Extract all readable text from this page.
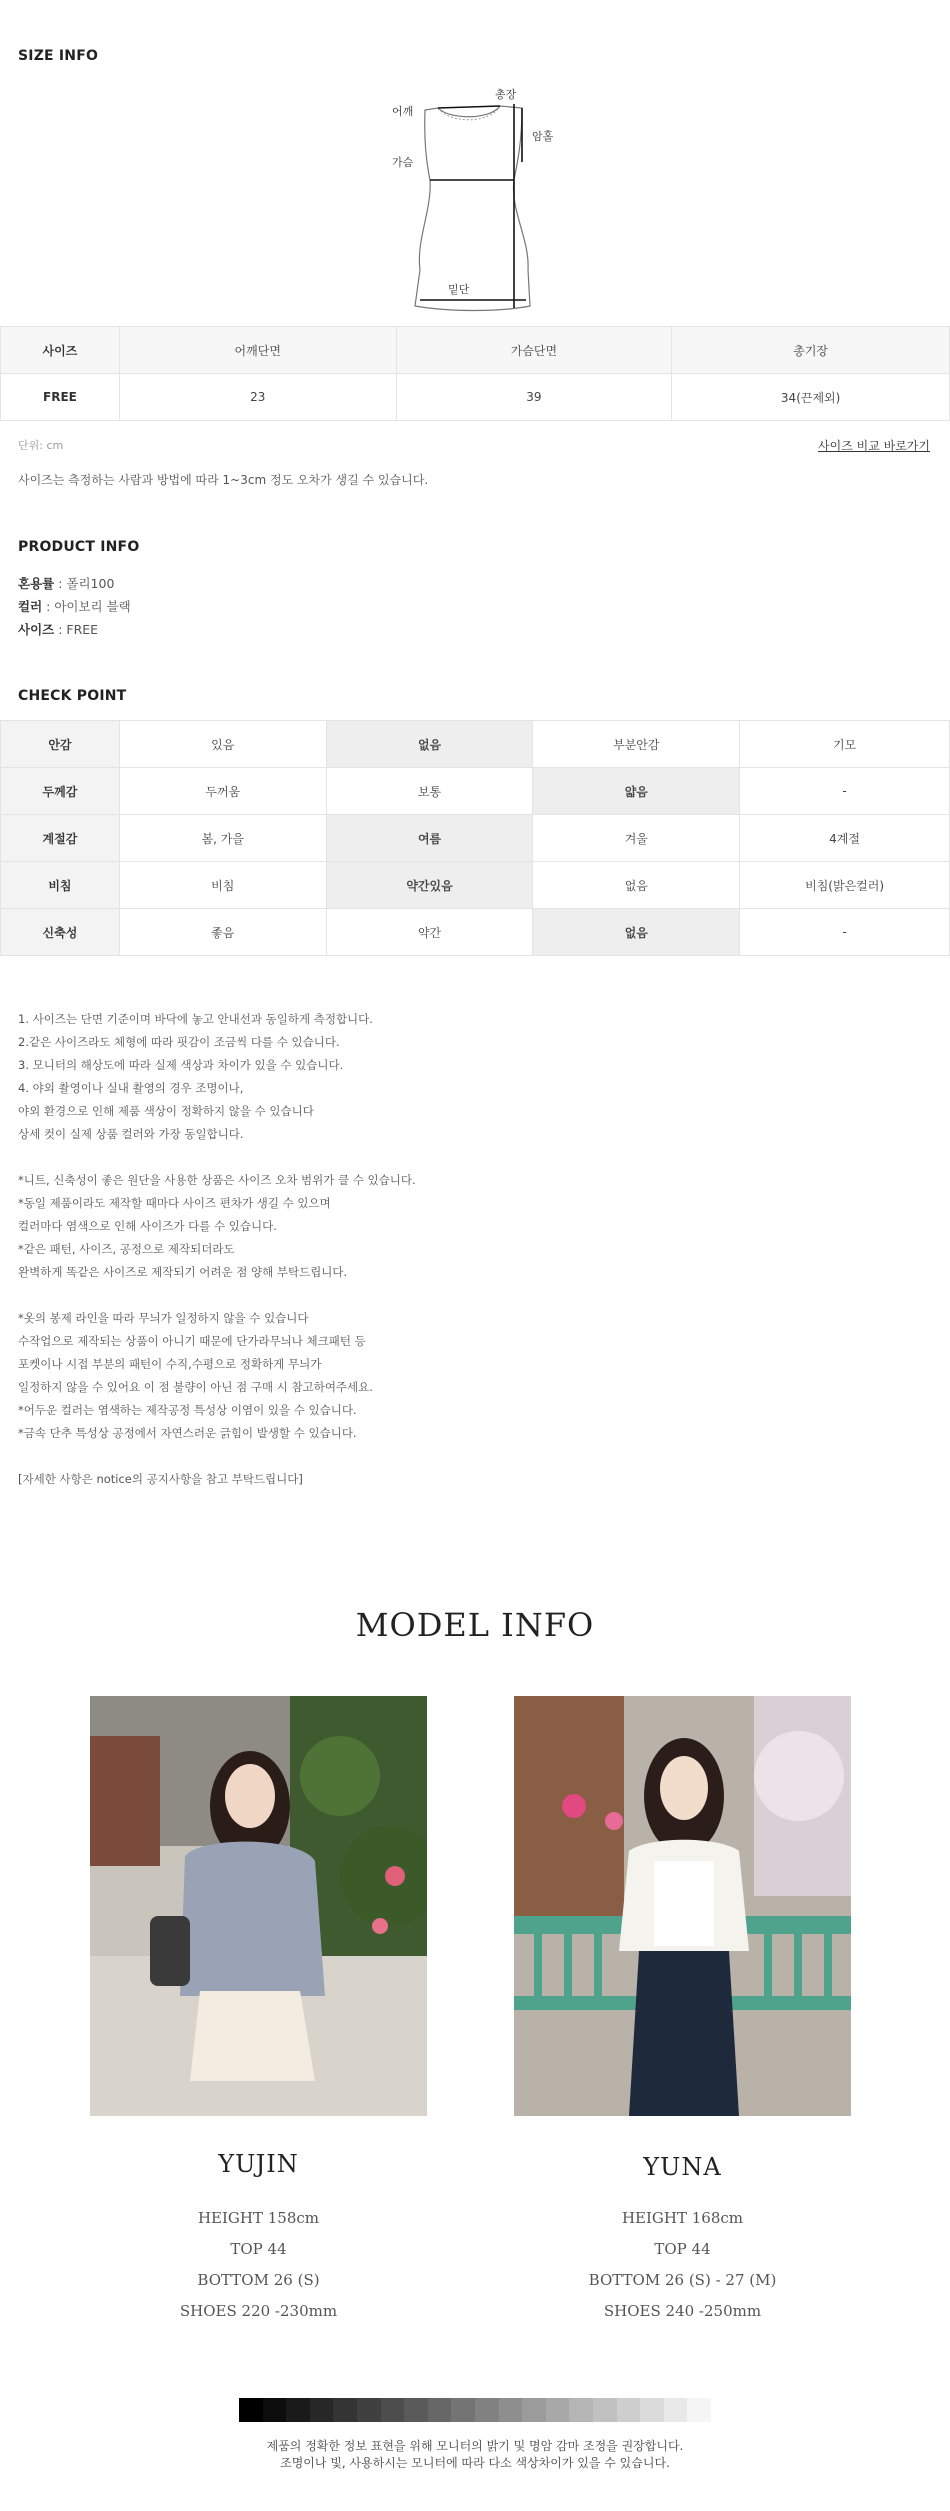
SIZE INFO
어깨
총장
암홀
가슴
밑단
사이즈	어깨단면	가슴단면	총기장
FREE	23	39	34(끈제외)
단위: cm	사이즈 비교 바로가기
사이즈는 측정하는 사람과 방법에 따라 1~3cm 정도 오차가 생길 수 있습니다.
PRODUCT INFO
혼용률 : 폴리100
컬러 : 아이보리 블랙
사이즈 : FREE
CHECK POINT
안감	있음	없음	부분안감	기모
두께감	두꺼움	보통	얇음	-
계절감	봄, 가을	여름	겨울	4계절
비침	비침	약간있음	없음	비침(밝은컬러)
신축성	좋음	약간	없음	-
1. 사이즈는 단면 기준이며 바닥에 놓고 안내선과 동일하게 측정합니다.
2.같은 사이즈라도 체형에 따라 핏감이 조금씩 다를 수 있습니다.
3. 모니터의 해상도에 따라 실제 색상과 차이가 있을 수 있습니다.
4. 야외 촬영이나 실내 촬영의 경우 조명이나,
야외 환경으로 인해 제품 색상이 정확하지 않을 수 있습니다
상세 컷이 실제 상품 컬러와 가장 동일합니다.
*니트, 신축성이 좋은 원단을 사용한 상품은 사이즈 오차 범위가 클 수 있습니다.
*동일 제품이라도 제작할 때마다 사이즈 편차가 생길 수 있으며
컬러마다 염색으로 인해 사이즈가 다를 수 있습니다.
*같은 패턴, 사이즈, 공정으로 제작되더라도
완벽하게 똑같은 사이즈로 제작되기 어려운 점 양해 부탁드립니다.
*옷의 봉제 라인을 따라 무늬가 일정하지 않을 수 있습니다
수작업으로 제작되는 상품이 아니기 때문에 단가라무늬나 체크패턴 등
포켓이나 시접 부분의 패턴이 수직,수평으로 정확하게 무늬가
일정하지 않을 수 있어요 이 점 불량이 아닌 점 구매 시 참고하여주세요.
*어두운 컬러는 염색하는 제작공정 특성상 이염이 있을 수 있습니다.
*금속 단추 특성상 공정에서 자연스러운 긁힘이 발생할 수 있습니다.
[자세한 사항은 notice의 공지사항을 참고 부탁드립니다]
MODEL INFO
YUJIN
HEIGHT 158cm
TOP 44
BOTTOM 26 (S)
SHOES 220 -230mm
YUNA
HEIGHT 168cm
TOP 44
BOTTOM 26 (S) - 27 (M)
SHOES 240 -250mm
제품의 정확한 정보 표현을 위해 모니터의 밝기 및 명암 감마 조정을 권장합니다.
조명이나 빛, 사용하시는 모니터에 따라 다소 색상차이가 있을 수 있습니다.
